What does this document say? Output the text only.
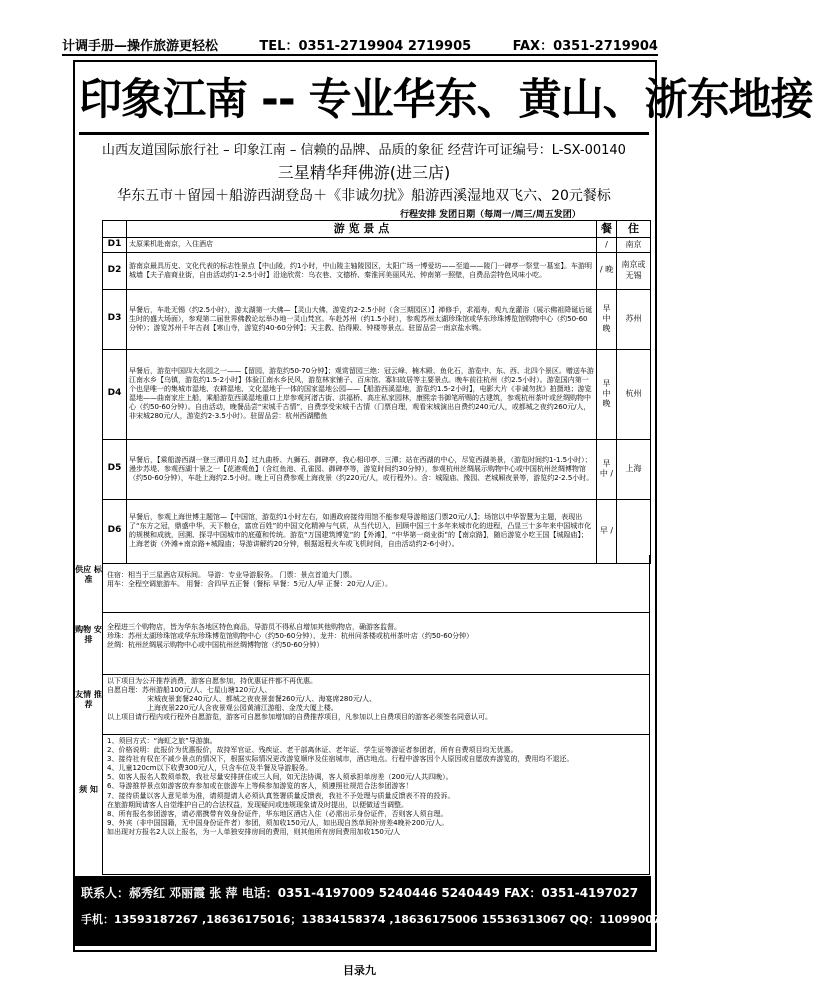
计调手册—操作旅游更轻松	TEL：0351-2719904 2719905	FAX：0351-2719904
印象江南 -- 专业华东、黄山、浙东地接
山西友道国际旅行社 – 印象江南 – 信赖的品牌、品质的象征 经营许可证编号：L-SX-00140
三星精华拜佛游(进三店)
华东五市＋留园＋船游西湖登岛＋《非诚勿扰》船游西溪湿地双飞六、20元餐标
行程安排 发团日期（每周一/周三/周五发团）
	游 览 景 点	餐	住
D1	太原乘机赴南京，入住酒店	/	南京
D2	游南京最具历史、文化代表的标志性景点【中山陵，约1小时，中山陵主轴陵园区，太阳广场一博爱坊——至道——陵门一碑亭一祭堂一墓室】。车游明城墙【夫子庙商业街，自由活动约1-2.5小时】沿途欣赏：乌衣巷、文德桥、秦淮河美丽风光、钟南第一照壁，自费品尝特色风味小吃。	/ 晚	南京或无锡
D3	早餐后，车赴无锡（约2.5小时），游太湖第一大佛—【灵山大佛，游览约2-2.5小时（含三期园区）】禅修手，求福寿，观九龙灌浴（展示佛祖降诞后诞生时的盛大场面），参观第二届世界佛教论坛举办地一灵山梵宫。车赴苏州（约1.5小时），参观苏州太湖珍珠馆或华东珍珠博览馆购物中心（约50-60分钟）；游览苏州千年古刹【寒山寺，游览约40-60分钟】；天主教、拾得殿、钟楼等景点。驻留品尝一南京盐水鸭。	早 中 晚	苏州
D4	早餐后，游览中国四大名园之一——【留园，游览约50-70分钟】；观赏留园三绝：冠云峰、楠木殿、鱼化石，游览中、东、西、北四个景区。赠送车游江南水乡【乌镇，游览约1.5-2小时】体验江南水乡民风，游览林家铺子、百床馆、寡妇故居等主要景点。晚车前往杭州（约2.5小时）。游览国内第一个也是唯一的集城市湿地、农耕湿地、文化湿地于一体的国家湿地公园——【船游西溪湿地，游览约1.5-2小时】，电影大片《非诚勿扰》拍摄地；游览湿地——曲南家庄上船，乘船游览西溪湿地重口上岸参观河渚古街、洪福桥、高庄私家园林，康熙亲书御笔所赐的古建筑，参观杭州茶叶或丝绸购物中心（约50-60分钟）。自由活动，晚餐品尝“宋城千古情”，自费享受宋城千古情（门票自理，观看宋城演出自费约240元/人，或都城之夜约260元/人，非宋城280元/人，游览约2-3.5小时）。驻留品尝：杭州西湖醋鱼	早 中 晚	杭州
D5	早餐后，【乘船游西湖一登三潭印月岛】过九曲桥、九狮石、御碑亭，我心相印亭、三潭；站在西湖的中心，尽览西湖美景，（游览时间约1-1.5小时）；漫步苏堤、参观西湖十景之一【花港观鱼】（含红鱼池、孔雀园、御碑亭等，游览时间约30分钟），参观杭州丝绸展示购物中心或中国杭州丝绸博物馆（约50-60分钟），车赴上海约2.5小时。晚上可自费参观上海夜景（约220元/人，或行程外）。含：城隍庙、豫园、老城厢夜景等，游览约2-2.5小时。	早 中 /	上海
D6	早餐后，参观上海世博主题馆—【中国馆，游览约1小时左右，如遇政府接待用馆不能参观导游赔送门票20元/人】；场馆以中华智慧为主题，表现出了“东方之冠，鼎盛中华，天下粮仓，富庶百姓”的中国文化精神与气质，从当代切入，回顾中国三十多年来城市化的进程，凸显三十多年来中国城市化的规模和成就，回溯、探寻中国城市的底蕴和传统。游览“万国建筑博览”的【外滩】，“中华第一商业街”的【南京路】，随后游览小吃王国【城隍庙】；上海老街（外滩+南京路+城隍庙；导游讲解约20分钟，根据返程火车或飞机时间，自由活动约2-6小时）。	早 /	
供应 标准	住宿：相当于三星酒店双标间。 导游：专业导游服务。 门票：景点首道大门票。
用车：全程空调旅游车。 用餐：含四早五正餐（餐标 早餐：5元/人/早 正餐：20元/人/正）。
购物 安排
全程进三个购物店，皆为华东各地区特色商品，导游员不得私自增加其他购物店，确游客监督。
珍珠：苏州太湖珍珠馆或华东珍珠博览馆购物中心（约50-60分钟）、龙井：杭州问茶楼或杭州茶叶店（约50-60分钟）
丝绸：杭州丝绸展示购物中心或中国杭州丝绸博物馆（约50-60分钟）
友情 推荐
以下项目为公开推荐消费，游客自愿参加，持优惠证件都不再优惠。
自愿自理：苏州游船100元/人、七星山塘120元/人、
宋城夜景套餐240元/人、都城之夜夜景套餐260元/人、海宴席280元/人、
上海夜景220元/人含夜景观公园黄浦江游船、金茂大厦上楼。
以上项目请行程内或行程外自愿游览，游客可自愿参加增加的自费推荐项目，凡参加以上自费项目的游客必须签名同意认可。
须 知
1、须回方式：“海虹之旅”导游旗。
2、价格说明：此报价为优惠报价，故持军官证、残疾证、老干部离休证、老年证、学生证等游证者参团者，所有自费项目均无优惠。
3、接待社有权在不减少景点的情况下，根据实际情况更改游览顺序及住宿城市，酒店地点。行程中游客因个人原因或自愿放弃游览的，费用均不退还。
4、儿童120cm以下收费300元/人，只含车位及半餐及导游服务。
5、如客人报名人数须单数，我社尽量安排拼住或三人间，如无法协调，客人须承担单房差（200元/人共四晚）。
6、导游推荐景点如游客放弃参加或在旅游车上等候参加游览的客人，须遵照社规范合法参团游客！
7、接待质量以客人意见单为准，请须提请人必须认真签署质量反馈表，我社不予处理与质量反馈表不符的投诉。
在旅游期间请客人自觉维护自己的合法权益，发现疑问或违规现象请及时提出，以便做适当调整。
8、所有报名参团游客，请必需携带有效身份证件，华东地区酒店入住（必需出示身份证件，否则客人须自理。
9、外宾（非中国国籍，无中国身份证件者）参团，须加收150元/人，如出现自然单间补房差4晚补200元/人。
如出现对方报名2人以上报名，为一人单独安排房间的费用，则其他所有房间费用加收150元/人
联系人：郝秀红 邓丽霞 张 萍 电话：0351-4197009 5240446 5240449 FAX：0351-4197027
手机：13593187267 ,18636175016；13834158374 ,18636175006 15536313067 QQ：1109900785 936124816 261959589
目录九
